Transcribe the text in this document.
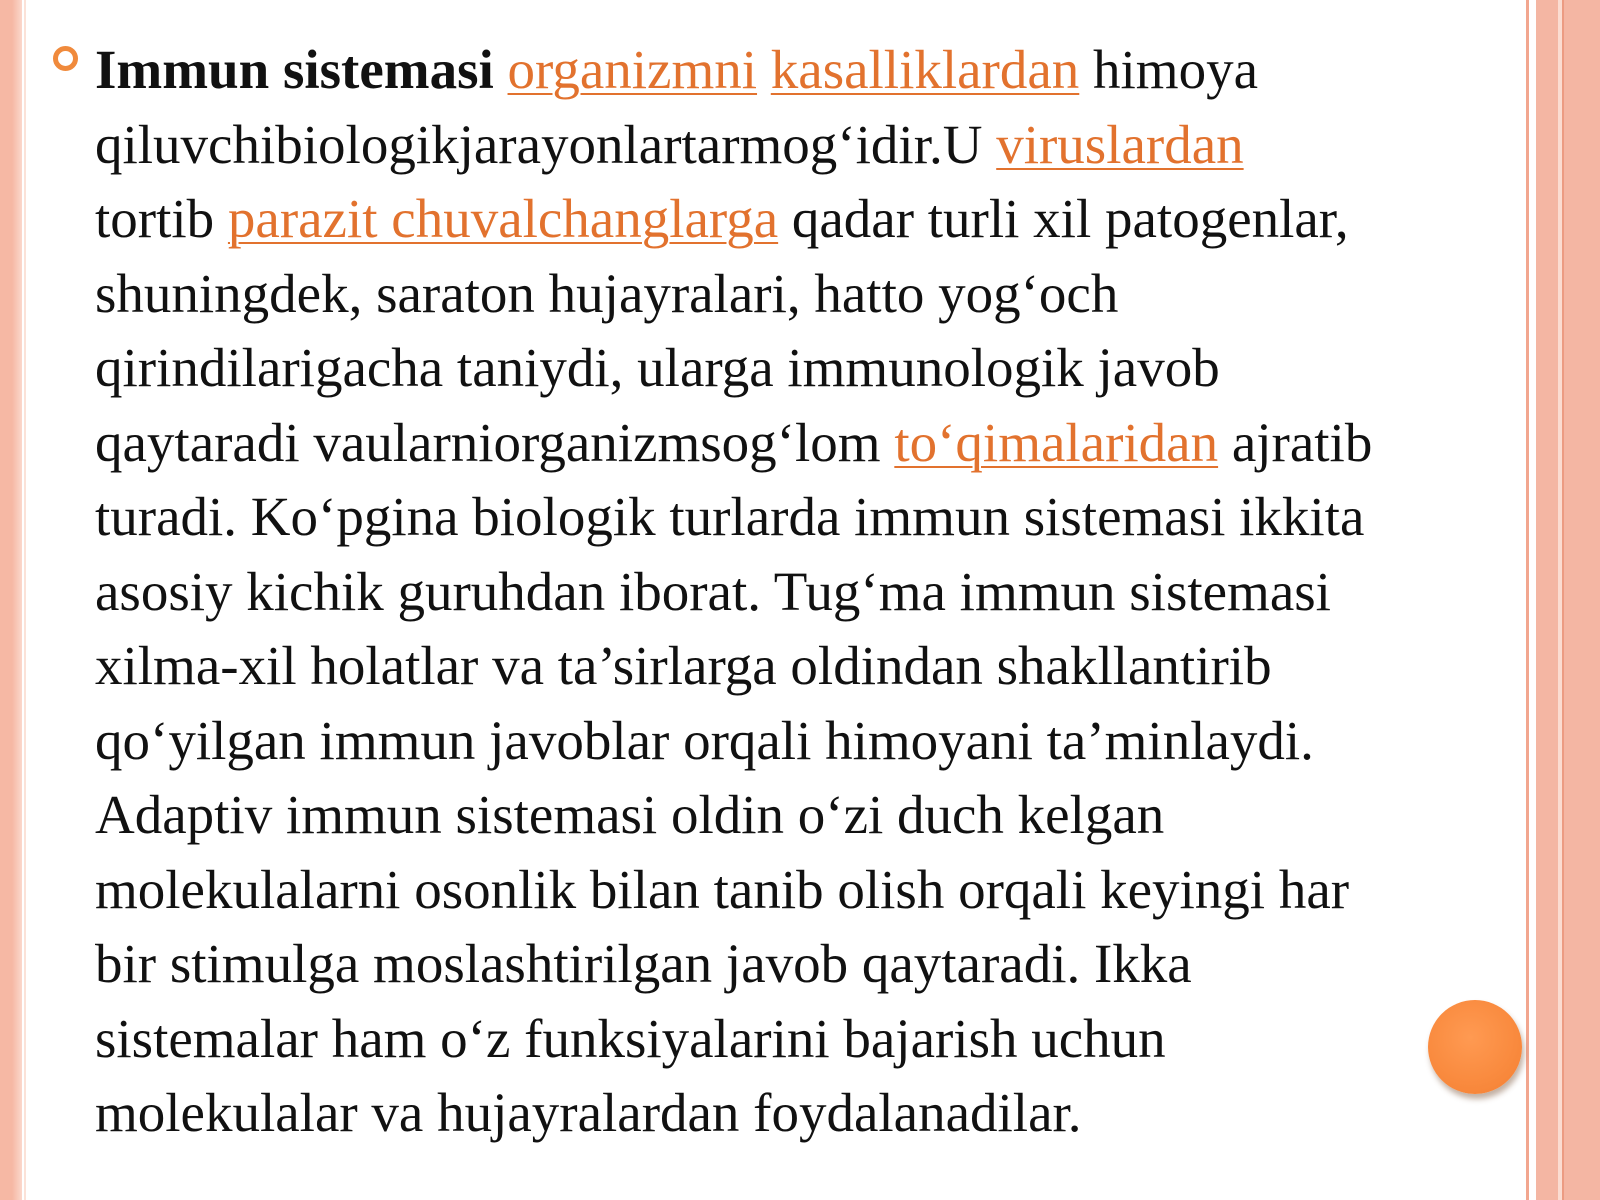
Immun sistemasi organizmni kasalliklardan himoya
qiluvchibiologikjarayonlartarmog‘idir.U viruslardan
tortib parazit chuvalchanglarga qadar turli xil patogenlar,
shuningdek, saraton hujayralari, hatto yog‘och
qirindilarigacha taniydi, ularga immunologik javob
qaytaradi vaularniorganizmsog‘lom to‘qimalaridan ajratib
turadi. Ko‘pgina biologik turlarda immun sistemasi ikkita
asosiy kichik guruhdan iborat. Tug‘ma immun sistemasi
xilma-xil holatlar va ta’sirlarga oldindan shakllantirib
qo‘yilgan immun javoblar orqali himoyani ta’minlaydi.
Adaptiv immun sistemasi oldin o‘zi duch kelgan
molekulalarni osonlik bilan tanib olish orqali keyingi har
bir stimulga moslashtirilgan javob qaytaradi. Ikka
sistemalar ham o‘z funksiyalarini bajarish uchun
molekulalar va hujayralardan foydalanadilar.
